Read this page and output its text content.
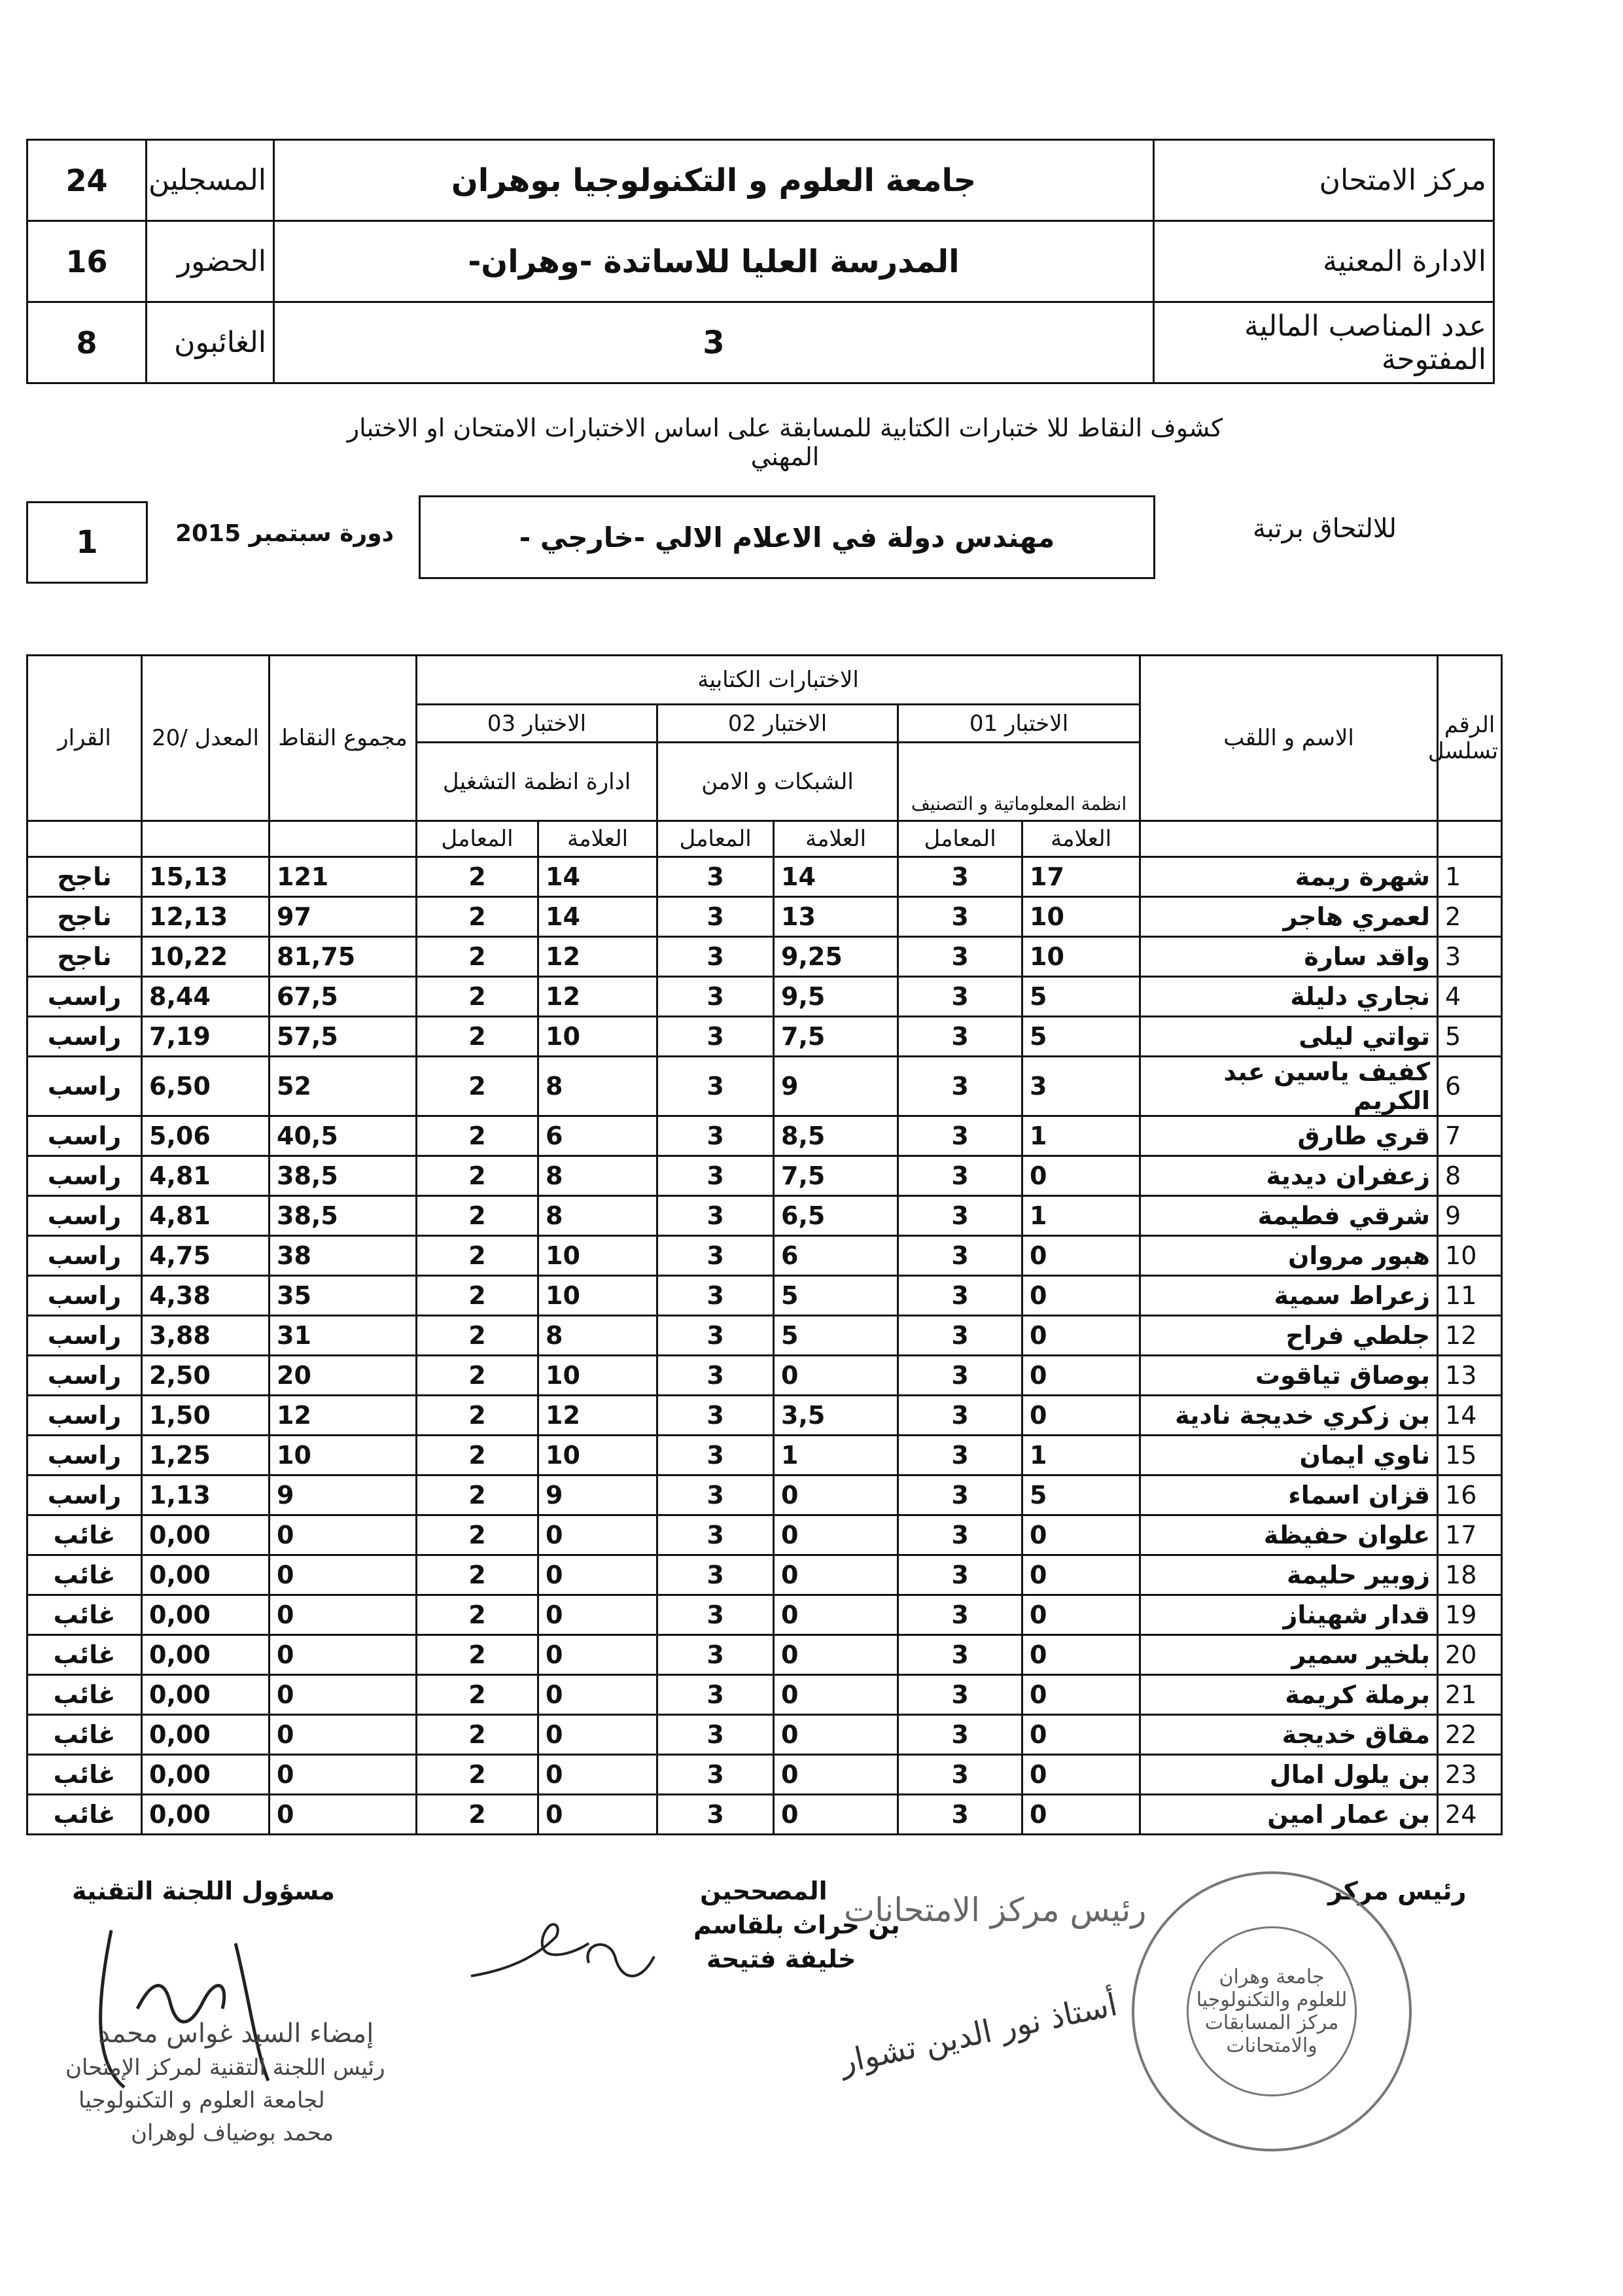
مركز الامتحان	جامعة العلوم و التكنولوجيا بوهران	المسجلين	24
الادارة المعنية	المدرسة العليا للاساتدة -وهران-	الحضور	16
عدد المناصب المالية المفتوحة	3	الغائبون	8
كشوف النقاط للا ختبارات الكتابية للمسابقة على اساس الاختبارات الامتحان او الاختبار المهني
للالتحاق برتبة
مهندس دولة في الاعلام الالي -خارجي -
دورة سبتمبر 2015
1
الرقم تسلسل	الاسم و اللقب	الاختبارات الكتابية						مجموع النقاط	المعدل /20	القرار
		الاختبار 01		الاختبار 02		الاختبار 03				
		انظمة المعلوماتية و التصنيف		الشبكات و الامن		ادارة انظمة التشغيل				
		العلامة	المعامل	العلامة	المعامل	العلامة	المعامل			
1	شهرة ريمة	17	3	14	3	14	2	121	15,13	ناجح
2	لعمري هاجر	10	3	13	3	14	2	97	12,13	ناجح
3	واقد سارة	10	3	9,25	3	12	2	81,75	10,22	ناجح
4	نجاري دليلة	5	3	9,5	3	12	2	67,5	8,44	راسب
5	تواتي ليلى	5	3	7,5	3	10	2	57,5	7,19	راسب
6	كفيف ياسين عبد الكريم	3	3	9	3	8	2	52	6,50	راسب
7	قري طارق	1	3	8,5	3	6	2	40,5	5,06	راسب
8	زعفران ديدية	0	3	7,5	3	8	2	38,5	4,81	راسب
9	شرقي فطيمة	1	3	6,5	3	8	2	38,5	4,81	راسب
10	هبور مروان	0	3	6	3	10	2	38	4,75	راسب
11	زعراط سمية	0	3	5	3	10	2	35	4,38	راسب
12	جلطي فراح	0	3	5	3	8	2	31	3,88	راسب
13	بوصاق تياقوت	0	3	0	3	10	2	20	2,50	راسب
14	بن زكري خديجة نادية	0	3	3,5	3	12	2	12	1,50	راسب
15	ناوي ايمان	1	3	1	3	10	2	10	1,25	راسب
16	قزان اسماء	5	3	0	3	9	2	9	1,13	راسب
17	علوان حفيظة	0	3	0	3	0	2	0	0,00	غائب
18	زوبير حليمة	0	3	0	3	0	2	0	0,00	غائب
19	قدار شهيناز	0	3	0	3	0	2	0	0,00	غائب
20	بلخير سمير	0	3	0	3	0	2	0	0,00	غائب
21	برملة كريمة	0	3	0	3	0	2	0	0,00	غائب
22	مقاق خديجة	0	3	0	3	0	2	0	0,00	غائب
23	بن يلول امال	0	3	0	3	0	2	0	0,00	غائب
24	بن عمار امين	0	3	0	3	0	2	0	0,00	غائب
رئيس مركز
رئيس مركز الامتحانات
أستاذ نور الدين تشوار
جامعة وهران للعلوم والتكنولوجيا مركز المسابقات والامتحانات
المصححين
بن حراث بلقاسم
خليفة فتيحة
مسؤول اللجنة التقنية
إمضاء السيد غواس محمد
رئيس اللجنة التقنية لمركز الإمتحان
لجامعة العلوم و التكنولوجيا
محمد بوضياف لوهران
